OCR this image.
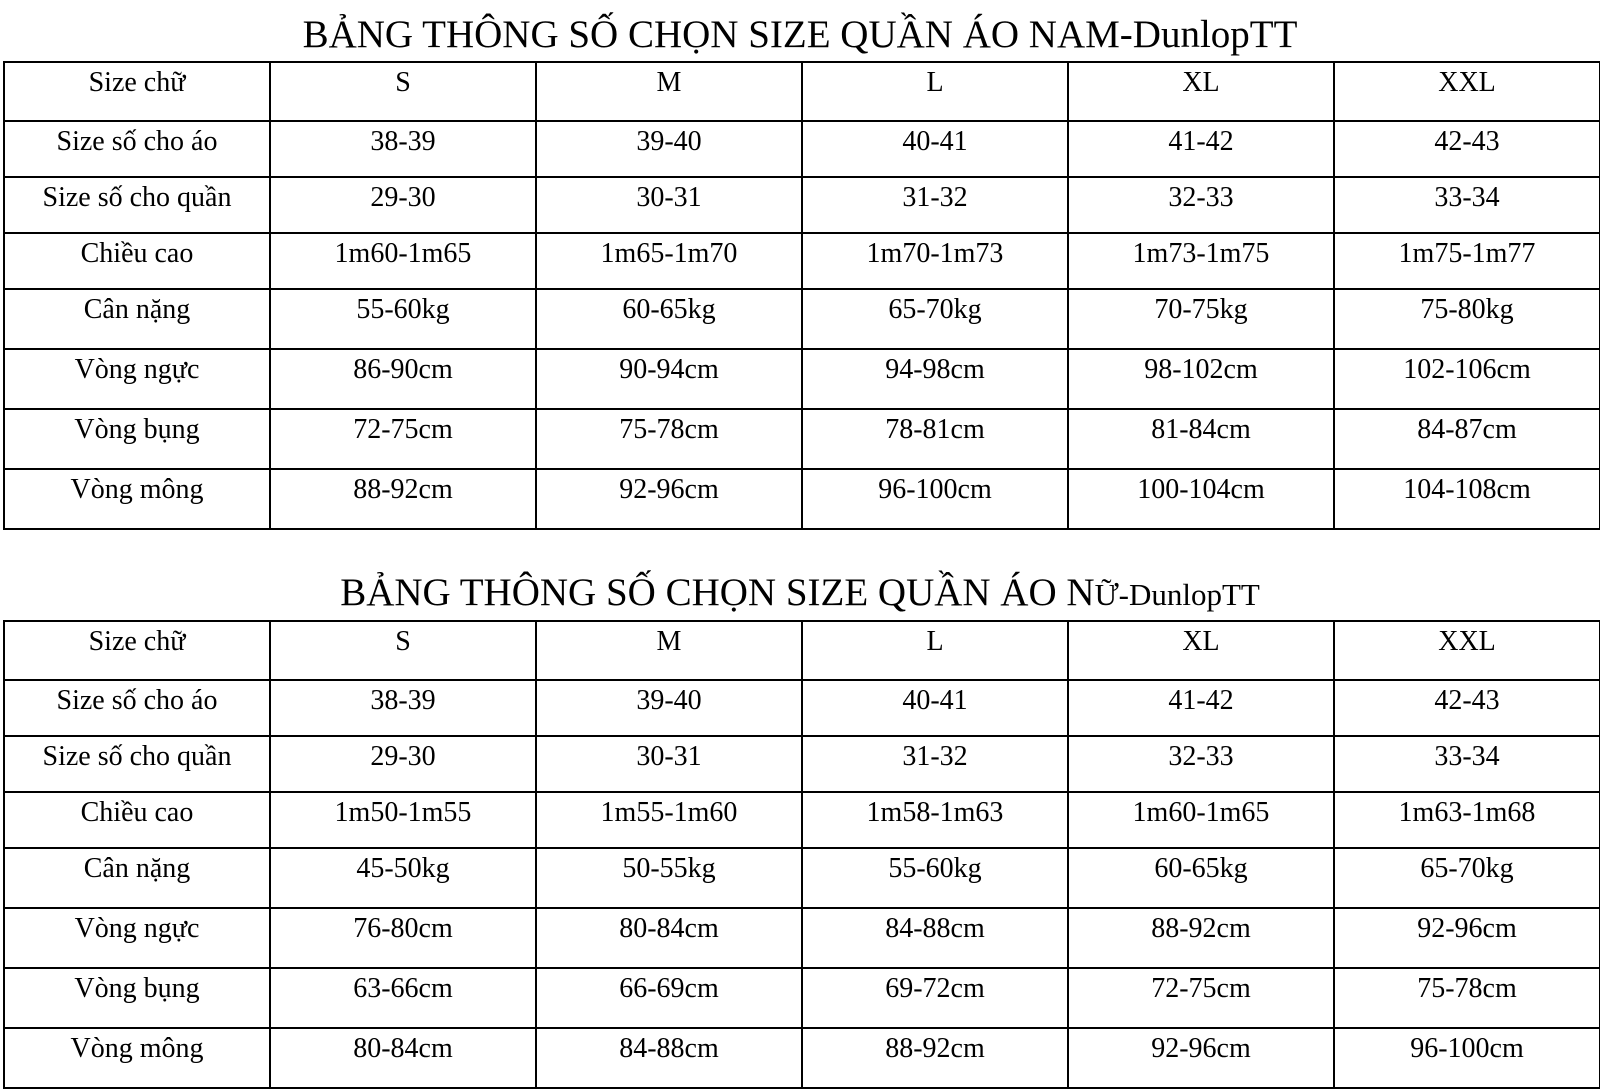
BẢNG THÔNG SỐ CHỌN SIZE QUẦN ÁO NAM-DunlopTT
Size chữ	S	M	L	XL	XXL
Size số cho áo	38-39	39-40	40-41	41-42	42-43
Size số cho quần	29-30	30-31	31-32	32-33	33-34
Chiều cao	1m60-1m65	1m65-1m70	1m70-1m73	1m73-1m75	1m75-1m77
Cân nặng	55-60kg	60-65kg	65-70kg	70-75kg	75-80kg
Vòng ngực	86-90cm	90-94cm	94-98cm	98-102cm	102-106cm
Vòng bụng	72-75cm	75-78cm	78-81cm	81-84cm	84-87cm
Vòng mông	88-92cm	92-96cm	96-100cm	100-104cm	104-108cm
BẢNG THÔNG SỐ CHỌN SIZE QUẦN ÁO NỮ-DunlopTT
Size chữ	S	M	L	XL	XXL
Size số cho áo	38-39	39-40	40-41	41-42	42-43
Size số cho quần	29-30	30-31	31-32	32-33	33-34
Chiều cao	1m50-1m55	1m55-1m60	1m58-1m63	1m60-1m65	1m63-1m68
Cân nặng	45-50kg	50-55kg	55-60kg	60-65kg	65-70kg
Vòng ngực	76-80cm	80-84cm	84-88cm	88-92cm	92-96cm
Vòng bụng	63-66cm	66-69cm	69-72cm	72-75cm	75-78cm
Vòng mông	80-84cm	84-88cm	88-92cm	92-96cm	96-100cm
